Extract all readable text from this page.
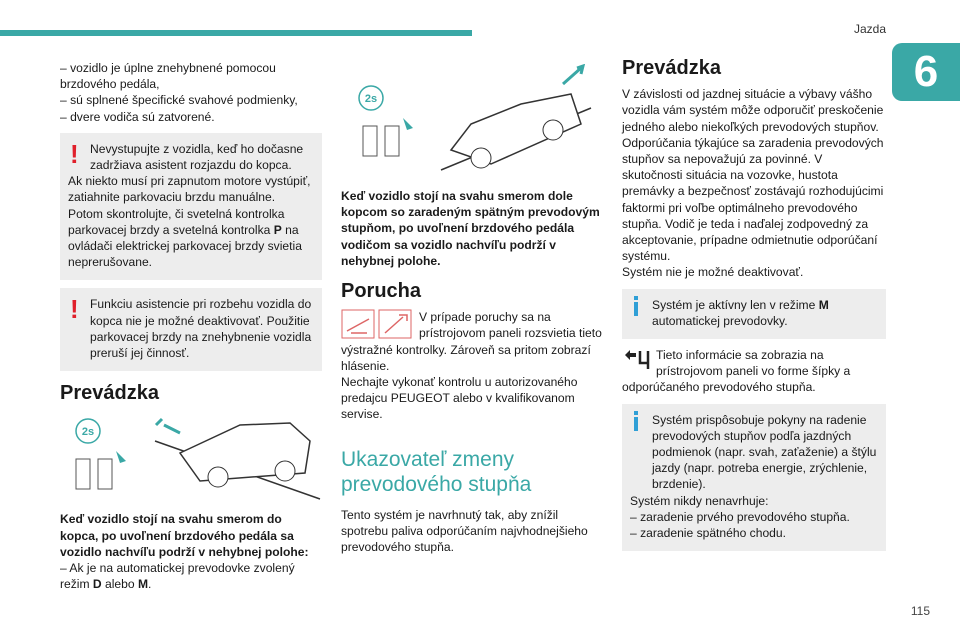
Jazda
6
115

– vozidlo je úplne znehybnené pomocou brzdového pedála,

– sú splnené špecifické svahové podmienky,

– dvere vodiča sú zatvorené.

! Nevystupujte z vozidla, keď ho dočasne zadržiava asistent rozjazdu do kopca.

Ak niekto musí pri zapnutom motore vystúpiť, zatiahnite parkovaciu brzdu manuálne.

Potom skontrolujte, či svetelná kontrolka parkovacej brzdy a svetelná kontrolka P na ovládači elektrickej parkovacej brzdy svietia neprerušovane.

! Funkciu asistencie pri rozbehu vozidla do kopca nie je možné deaktivovať. Použitie parkovacej brzdy na znehybnenie vozidla preruší jej činnosť.

Prevádzka
2s

Keď vozidlo stojí na svahu smerom do kopca, po uvoľnení brzdového pedála sa vozidlo nachvíľu podrží v nehybnej polohe:

– Ak je na automatickej prevodovke zvolený režim D alebo M.

2s

Keď vozidlo stojí na svahu smerom dole kopcom so zaradeným spätným prevodovým stupňom, po uvoľnení brzdového pedála vodičom sa vozidlo nachvíľu podrží v nehybnej polohe.

Porucha

V prípade poruchy sa na prístrojovom paneli rozsvietia tieto výstražné kontrolky. Zároveň sa pritom zobrazí hlásenie.

Nechajte vykonať kontrolu u autorizovaného predajcu PEUGEOT alebo v kvalifikovanom servise.

Ukazovateľ zmeny prevodového stupňa

Tento systém je navrhnutý tak, aby znížil spotrebu paliva odporúčaním najvhodnejšieho prevodového stupňa.

Prevádzka

V závislosti od jazdnej situácie a výbavy vášho vozidla vám systém môže odporučiť preskočenie jedného alebo niekoľkých prevodových stupňov.

Odporúčania týkajúce sa zaradenia prevodových stupňov sa nepovažujú za povinné. V skutočnosti situácia na vozovke, hustota premávky a bezpečnosť zostávajú rozhodujúcimi faktormi pri voľbe optimálneho prevodového stupňa. Vodič je teda i naďalej zodpovedný za akceptovanie, prípadne odmietnutie odporúčaní systému.

Systém nie je možné deaktivovať.

Systém je aktívny len v režime M automatickej prevodovky.

Tieto informácie sa zobrazia na prístrojovom paneli vo forme šípky a odporúčaného prevodového stupňa.

Systém prispôsobuje pokyny na radenie prevodových stupňov podľa jazdných podmienok (napr. svah, zaťaženie) a štýlu jazdy (napr. potreba energie, zrýchlenie, brzdenie).

Systém nikdy nenavrhuje:

– zaradenie prvého prevodového stupňa.

– zaradenie spätného chodu.
